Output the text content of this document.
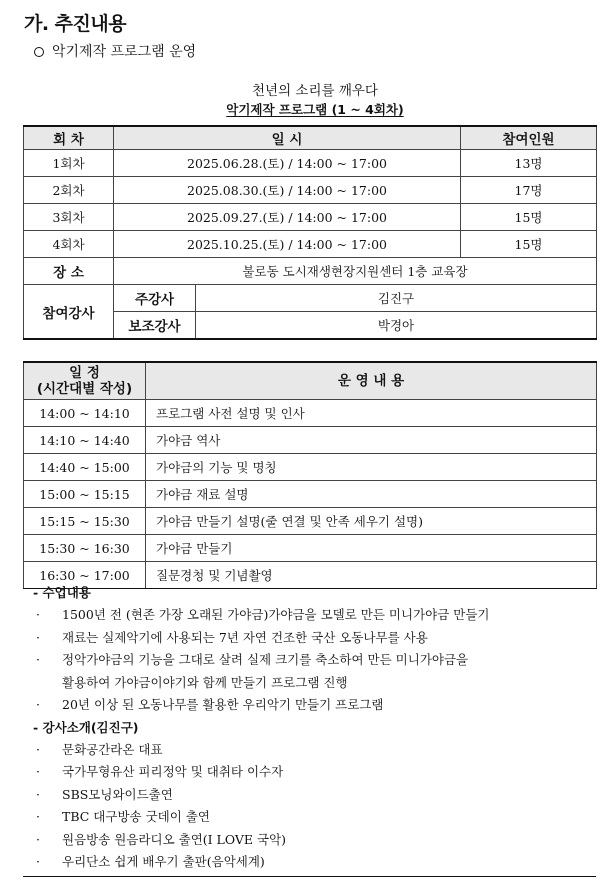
가. 추진내용
악기제작 프로그램 운영
천년의 소리를 깨우다
악기제작 프로그램 (1 ~ 4회차)
회 차	일 시		참여인원
1회차	2025.06.28.(토) / 14:00 ~ 17:00		13명
2회차	2025.08.30.(토) / 14:00 ~ 17:00		17명
3회차	2025.09.27.(토) / 14:00 ~ 17:00		15명
4회차	2025.10.25.(토) / 14:00 ~ 17:00		15명
장 소	불로동 도시재생현장지원센터 1층 교육장		
참여강사	주강사	김진구	
	보조강사	박경아	
일 정
(시간대별 작성)	운 영 내 용
14:00 ~ 14:10	프로그램 사전 설명 및 인사
14:10 ~ 14:40	가야금 역사
14:40 ~ 15:00	가야금의 기능 및 명칭
15:00 ~ 15:15	가야금 재료 설명
15:15 ~ 15:30	가야금 만들기 설명(줄 연결 및 안족 세우기 설명)
15:30 ~ 16:30	가야금 만들기
16:30 ~ 17:00	질문경청 및 기념촬영
- 수업내용
· 1500년 전 (현존 가장 오래된 가야금)가야금을 모델로 만든 미니가야금 만들기
· 재료는 실제악기에 사용되는 7년 자연 건조한 국산 오동나무를 사용
· 정악가야금의 기능을 그대로 살려 실제 크기를 축소하여 만든 미니가야금을
활용하여 가야금이야기와 함께 만들기 프로그램 진행
· 20년 이상 된 오동나무를 활용한 우리악기 만들기 프로그램
- 강사소개(김진구)
· 문화공간라온 대표
· 국가무형유산 피리정악 및 대취타 이수자
· SBS모닝와이드출연
· TBC 대구방송 굿데이 출연
· 원음방송 원음라디오 출연(I LOVE 국악)
· 우리단소 쉽게 배우기 출판(음악세계)
